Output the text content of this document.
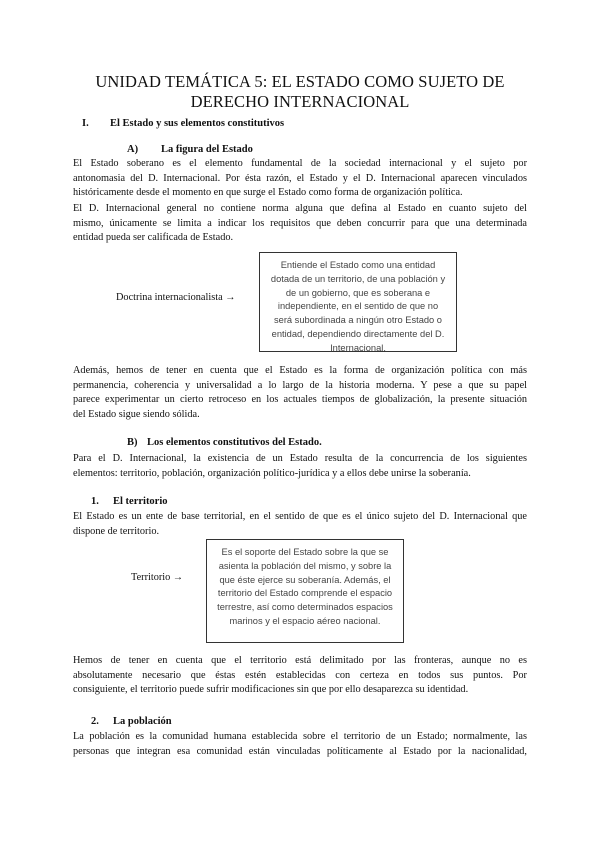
UNIDAD TEMÁTICA 5: EL ESTADO COMO SUJETO DE DERECHO INTERNACIONAL
I. El Estado y sus elementos constitutivos
A) La figura del Estado
El Estado soberano es el elemento fundamental de la sociedad internacional y el sujeto por
antonomasia del D. Internacional. Por ésta razón, el Estado y el D. Internacional aparecen vinculados
históricamente desde el momento en que surge el Estado como forma de organización política.
El D. Internacional general no contiene norma alguna que defina al Estado en cuanto sujeto del
mismo, únicamente se limita a indicar los requisitos que deben concurrir para que una determinada
entidad pueda ser calificada de Estado.
Doctrina internacionalista →
Entiende el Estado como una entidad dotada de un territorio, de una población y de un gobierno, que es soberana e independiente, en el sentido de que no será subordinada a ningún otro Estado o entidad, dependiendo directamente del D. Internacional.
Además, hemos de tener en cuenta que el Estado es la forma de organización política con más
permanencia, coherencia y universalidad a lo largo de la historia moderna. Y pese a que su papel
parece experimentar un cierto retroceso en los actuales tiempos de globalización, la presente situación
del Estado sigue siendo sólida.
B) Los elementos constitutivos del Estado.
Para el D. Internacional, la existencia de un Estado resulta de la concurrencia de los siguientes
elementos: territorio, población, organización político-jurídica y a ellos debe unirse la soberanía.
1. El territorio
El Estado es un ente de base territorial, en el sentido de que es el único sujeto del D. Internacional que
dispone de territorio.
Territorio →
Es el soporte del Estado sobre la que se asienta la población del mismo, y sobre la que éste ejerce su soberanía. Además, el territorio del Estado comprende el espacio terrestre, así como determinados espacios marinos y el espacio aéreo nacional.
Hemos de tener en cuenta que el territorio está delimitado por las fronteras, aunque no es
absolutamente necesario que éstas estén establecidas con certeza en todos sus puntos. Por
consiguiente, el territorio puede sufrir modificaciones sin que por ello desaparezca su identidad.
2. La población
La población es la comunidad humana establecida sobre el territorio de un Estado; normalmente, las
personas que integran esa comunidad están vinculadas políticamente al Estado por la nacionalidad,
